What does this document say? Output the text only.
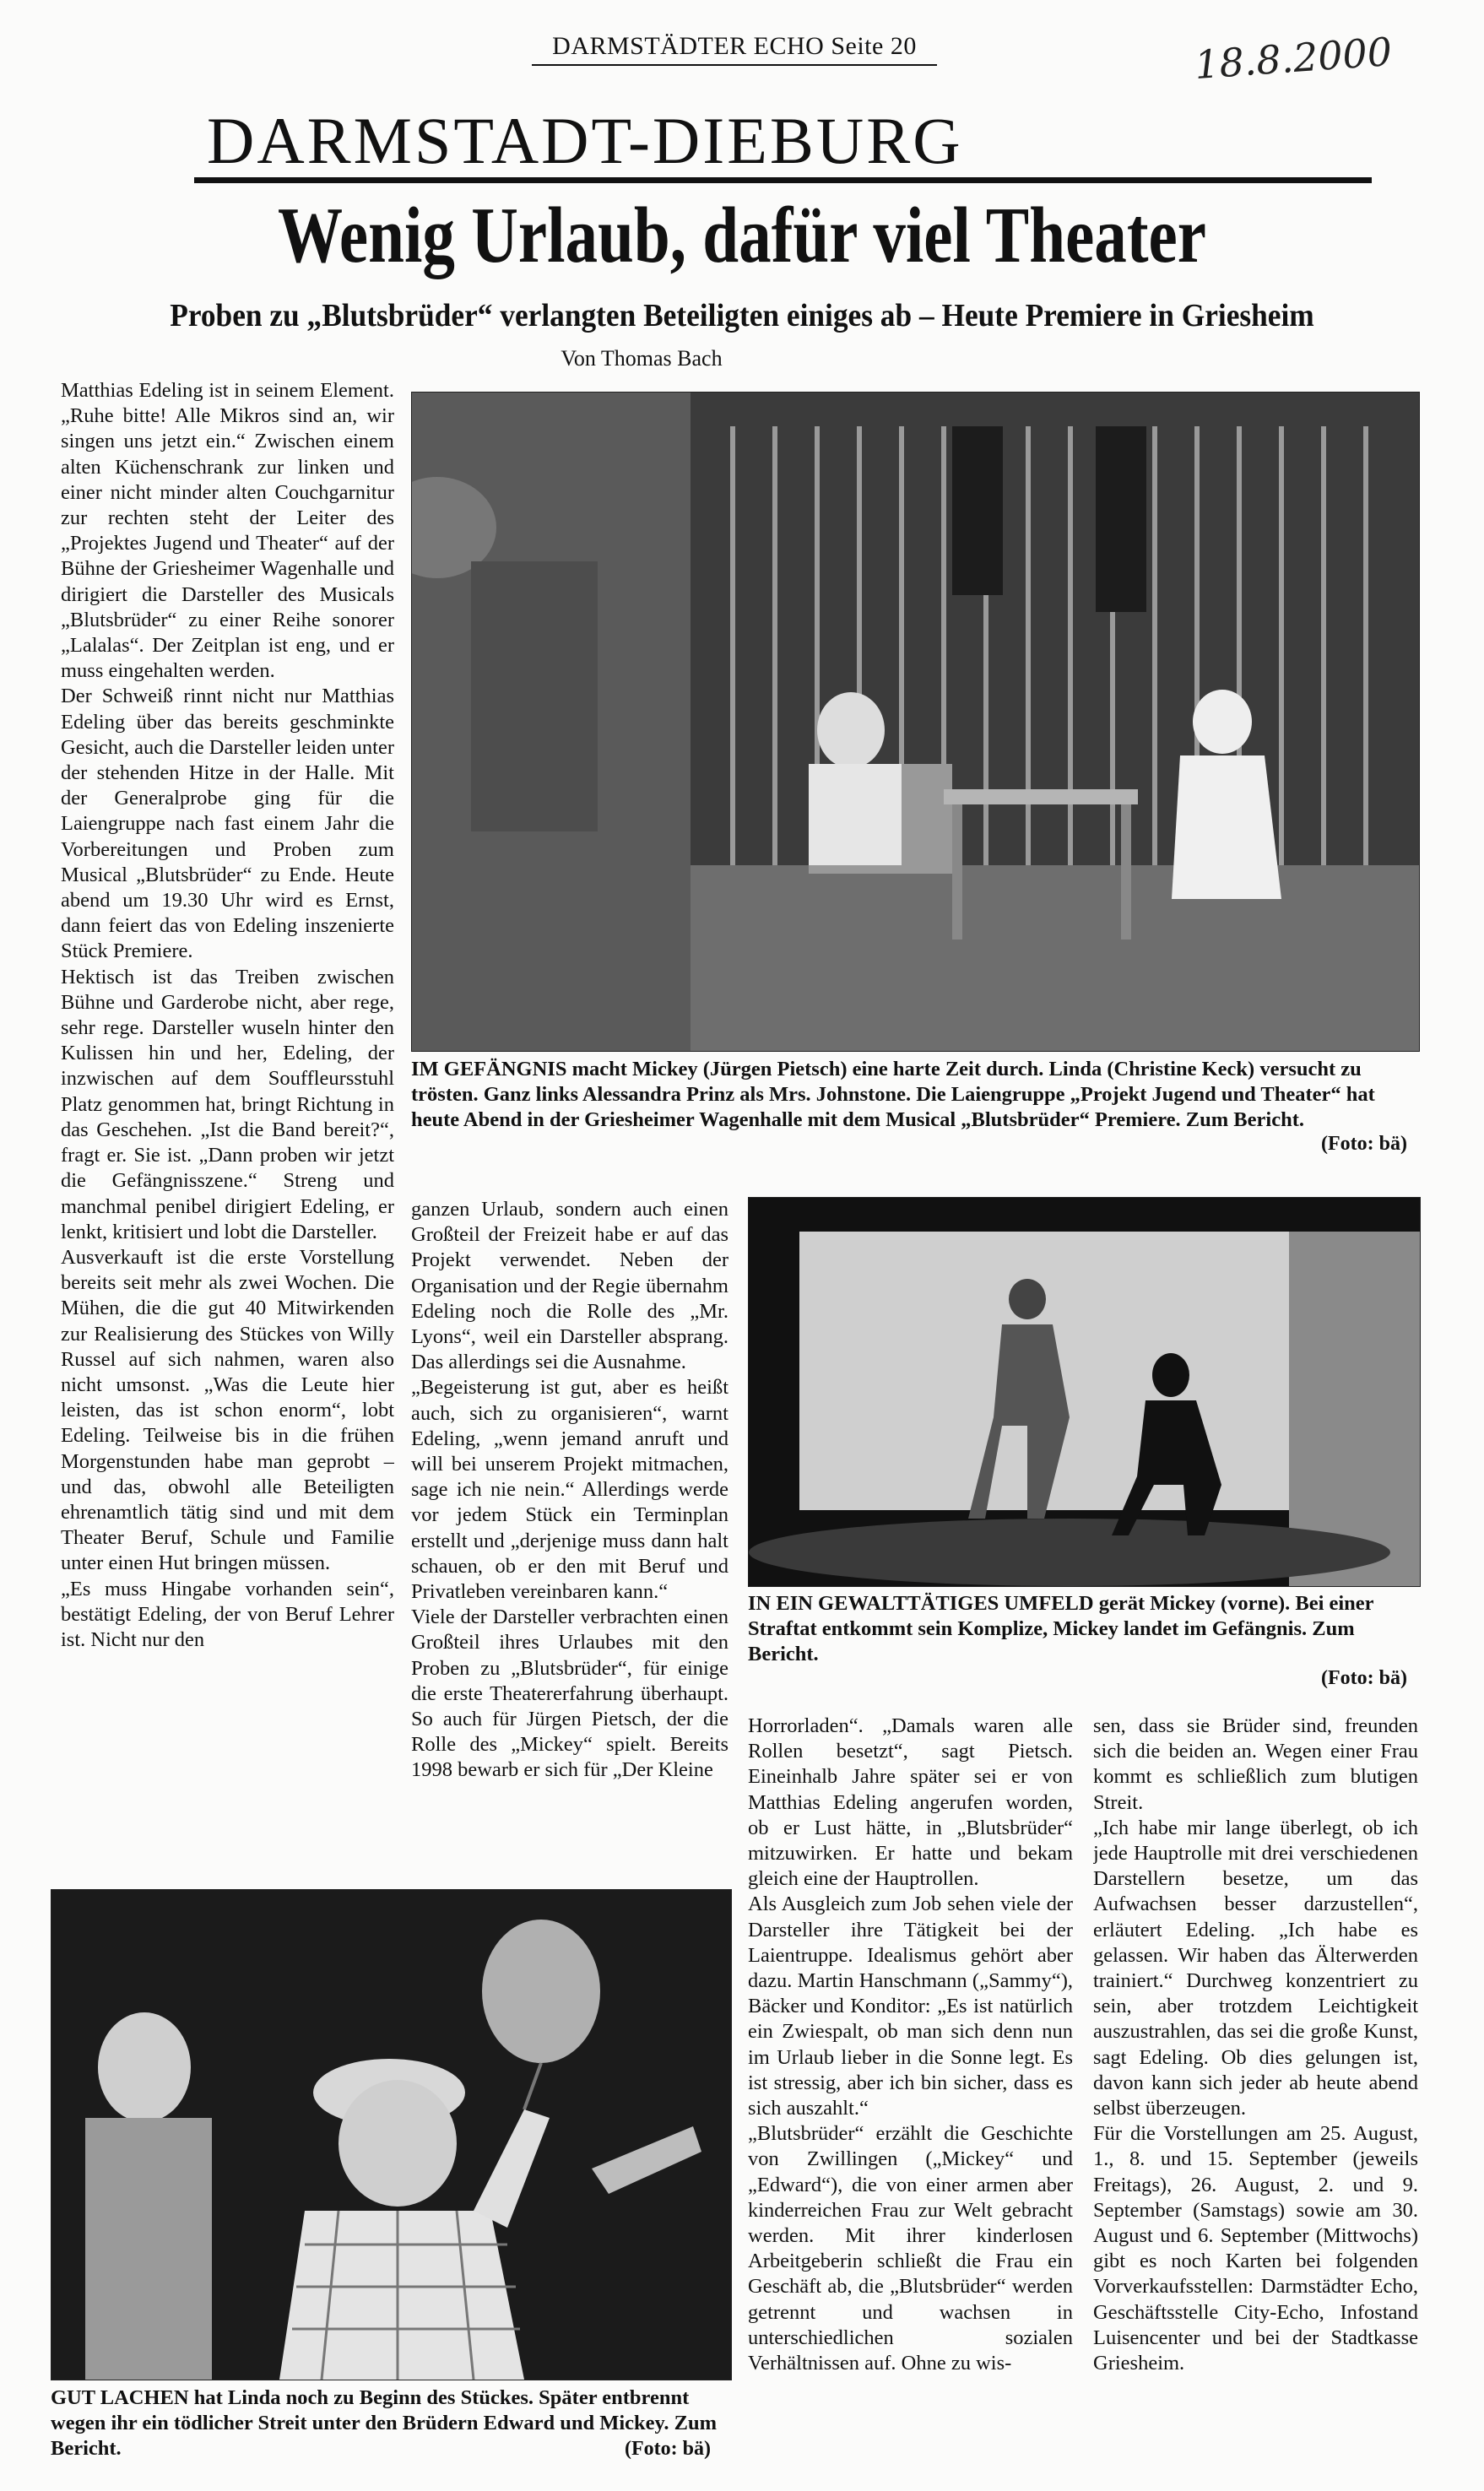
DARMSTÄDTER ECHO Seite 20	18.8.2000
DARMSTADT-DIEBURG
Wenig Urlaub, dafür viel Theater
Proben zu „Blutsbrüder“ verlangten Beteiligten einiges ab – Heute Premiere in Griesheim
Von Thomas Bach
Matthias Edeling ist in seinem Element. „Ruhe bitte! Alle Mikros sind an, wir singen uns jetzt ein.“ Zwischen einem alten Küchenschrank zur linken und einer nicht minder alten Couchgarnitur zur rechten steht der Leiter des „Projektes Jugend und Theater“ auf der Bühne der Griesheimer Wagenhalle und dirigiert die Darsteller des Musicals „Blutsbrüder“ zu einer Reihe sonorer „Lalalas“. Der Zeitplan ist eng, und er muss eingehalten werden.
Der Schweiß rinnt nicht nur Matthias Edeling über das bereits geschminkte Gesicht, auch die Darsteller leiden unter der stehenden Hitze in der Halle. Mit der Generalprobe ging für die Laiengruppe nach fast einem Jahr die Vorbereitungen und Proben zum Musical „Blutsbrüder“ zu Ende. Heute abend um 19.30 Uhr wird es Ernst, dann feiert das von Edeling inszenierte Stück Premiere.
Hektisch ist das Treiben zwischen Bühne und Garderobe nicht, aber rege, sehr rege. Darsteller wuseln hinter den Kulissen hin und her, Edeling, der inzwischen auf dem Souffleursstuhl Platz genommen hat, bringt Richtung in das Geschehen. „Ist die Band bereit?“, fragt er. Sie ist. „Dann proben wir jetzt die Gefängnisszene.“ Streng und manchmal penibel dirigiert Edeling, er lenkt, kritisiert und lobt die Darsteller.
Ausverkauft ist die erste Vorstellung bereits seit mehr als zwei Wochen. Die Mühen, die die gut 40 Mitwirkenden zur Realisierung des Stückes von Willy Russel auf sich nahmen, waren also nicht umsonst. „Was die Leute hier leisten, das ist schon enorm“, lobt Edeling. Teilweise bis in die frühen Morgenstunden habe man geprobt – und das, obwohl alle Beteiligten ehrenamtlich tätig sind und mit dem Theater Beruf, Schule und Familie unter einen Hut bringen müssen.
„Es muss Hingabe vorhanden sein“, bestätigt Edeling, der von Beruf Lehrer ist. Nicht nur den
IM GEFÄNGNIS macht Mickey (Jürgen Pietsch) eine harte Zeit durch. Linda (Christine Keck) versucht zu trösten. Ganz links Alessandra Prinz als Mrs. Johnstone. Die Laiengruppe „Projekt Jugend und Theater“ hat heute Abend in der Griesheimer Wagenhalle mit dem Musical „Blutsbrüder“ Premiere. Zum Bericht.
(Foto: bä)
ganzen Urlaub, sondern auch einen Großteil der Freizeit habe er auf das Projekt verwendet. Neben der Organisation und der Regie übernahm Edeling noch die Rolle des „Mr. Lyons“, weil ein Darsteller absprang. Das allerdings sei die Ausnahme.
„Begeisterung ist gut, aber es heißt auch, sich zu organisieren“, warnt Edeling, „wenn jemand anruft und will bei unserem Projekt mitmachen, sage ich nie nein.“ Allerdings werde vor jedem Stück ein Terminplan erstellt und „derjenige muss dann halt schauen, ob er den mit Beruf und Privatleben vereinbaren kann.“
Viele der Darsteller verbrachten einen Großteil ihres Urlaubes mit den Proben zu „Blutsbrüder“, für einige die erste Theatererfahrung überhaupt. So auch für Jürgen Pietsch, der die Rolle des „Mickey“ spielt. Bereits 1998 bewarb er sich für „Der Kleine
IN EIN GEWALTTÄTIGES UMFELD gerät Mickey (vorne). Bei einer Straftat entkommt sein Komplize, Mickey landet im Gefängnis. Zum Bericht.
(Foto: bä)
Horrorladen“. „Damals waren alle Rollen besetzt“, sagt Pietsch. Eineinhalb Jahre später sei er von Matthias Edeling angerufen worden, ob er Lust hätte, in „Blutsbrüder“ mitzuwirken. Er hatte und bekam gleich eine der Hauptrollen.
Als Ausgleich zum Job sehen viele der Darsteller ihre Tätigkeit bei der Laientruppe. Idealismus gehört aber dazu. Martin Hanschmann („Sammy“), Bäcker und Konditor: „Es ist natürlich ein Zwiespalt, ob man sich denn nun im Urlaub lieber in die Sonne legt. Es ist stressig, aber ich bin sicher, dass es sich auszahlt.“
„Blutsbrüder“ erzählt die Geschichte von Zwillingen („Mickey“ und „Edward“), die von einer armen aber kinderreichen Frau zur Welt gebracht werden. Mit ihrer kinderlosen Arbeitgeberin schließt die Frau ein Geschäft ab, die „Blutsbrüder“ werden getrennt und wachsen in unterschiedlichen sozialen Verhältnissen auf. Ohne zu wis-
sen, dass sie Brüder sind, freunden sich die beiden an. Wegen einer Frau kommt es schließlich zum blutigen Streit.
„Ich habe mir lange überlegt, ob ich jede Hauptrolle mit drei verschiedenen Darstellern besetze, um das Aufwachsen besser darzustellen“, erläutert Edeling. „Ich habe es gelassen. Wir haben das Älterwerden trainiert.“ Durchweg konzentriert zu sein, aber trotzdem Leichtigkeit auszustrahlen, das sei die große Kunst, sagt Edeling. Ob dies gelungen ist, davon kann sich jeder ab heute abend selbst überzeugen.
Für die Vorstellungen am 25. August, 1., 8. und 15. September (jeweils Freitags), 26. August, 2. und 9. September (Samstags) sowie am 30. August und 6. September (Mittwochs) gibt es noch Karten bei folgenden Vorverkaufsstellen: Darmstädter Echo, Geschäftsstelle City-Echo, Infostand Luisencenter und bei der Stadtkasse Griesheim.
GUT LACHEN hat Linda noch zu Beginn des Stückes. Später entbrennt wegen ihr ein tödlicher Streit unter den Brüdern Edward und Mickey. Zum Bericht.	(Foto: bä)
